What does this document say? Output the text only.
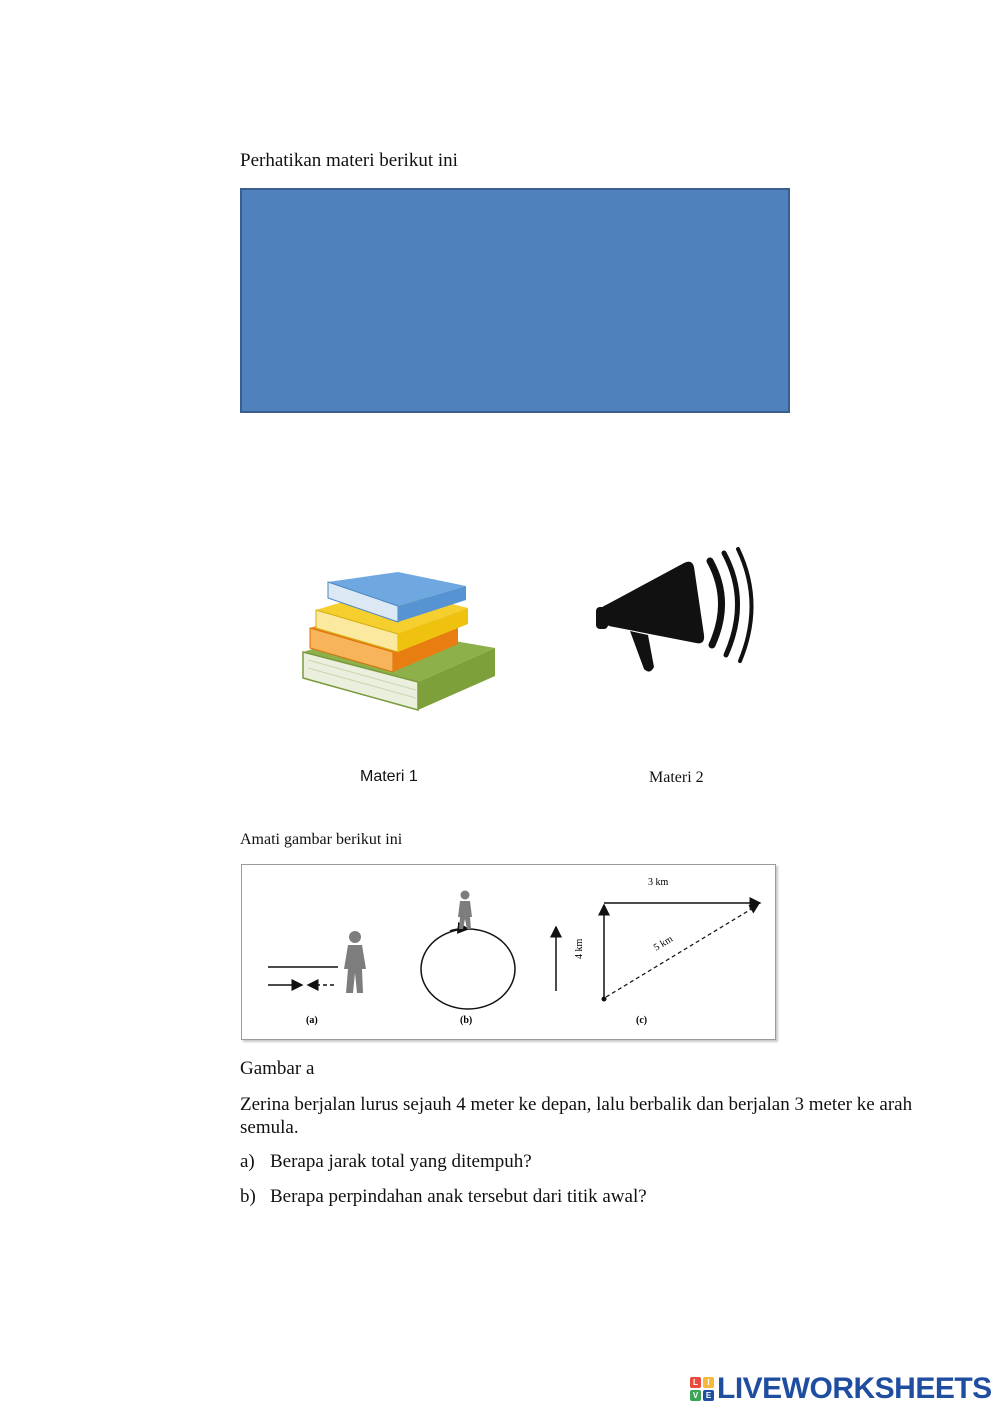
Perhatikan materi berikut ini
Materi 1	Materi 2
Amati gambar berikut ini
(a)	(b)
3 km
4 km	5 km
(c)
Gambar a
Zerina berjalan lurus sejauh 4 meter ke depan, lalu berbalik dan berjalan 3 meter ke arah semula.
a) Berapa jarak total yang ditempuh?
b) Berapa perpindahan anak tersebut dari titik awal?
L	I
V E LIVEWORKSHEETS
